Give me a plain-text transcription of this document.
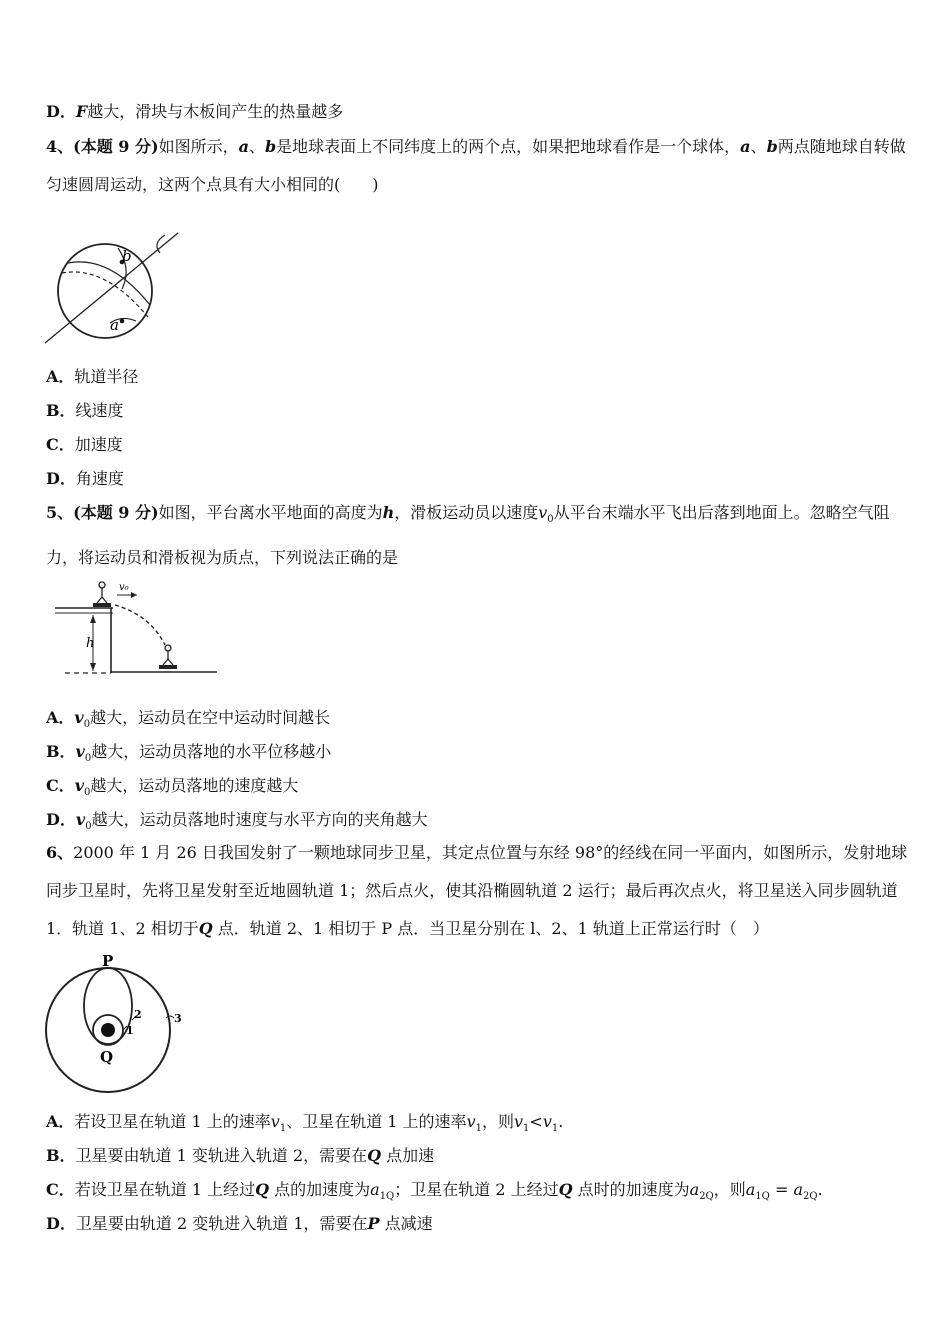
D．F越大，滑块与木板间产生的热量越多
4、(本题 9 分)如图所示，a、b是地球表面上不同纬度上的两个点，如果把地球看作是一个球体，a、b两点随地球自转做匀速圆周运动，这两个点具有大小相同的(　　)
b
a
A．轨道半径
B．线速度
C．加速度
D．角速度
5、(本题 9 分)如图，平台离水平地面的高度为h，滑板运动员以速度$v_0$从平台末端水平飞出后落到地面上。忽略空气阻力，将运动员和滑板视为质点，下列说法正确的是
h
v₀
A．$v_0$越大，运动员在空中运动时间越长
B．$v_0$越大，运动员落地的水平位移越小
C．$v_0$越大，运动员落地的速度越大
D．$v_0$越大，运动员落地时速度与水平方向的夹角越大
6、2000 年 1 月 26 日我国发射了一颗地球同步卫星，其定点位置与东经 98°的经线在同一平面内，如图所示，发射地球同步卫星时，先将卫星发射至近地圆轨道 1；然后点火，使其沿椭圆轨道 2 运行；最后再次点火，将卫星送入同步圆轨道 1．轨道 1、2 相切于Q 点．轨道 2、1 相切于 P 点．当卫星分别在 l、2、1 轨道上正常运行时（　）
P
Q
1
2	3
A．若设卫星在轨道 1 上的速率$v_1$、卫星在轨道 1 上的速率$v_1$，则$v_1<v_1$.
B．卫星要由轨道 1 变轨进入轨道 2，需要在Q 点加速
C．若设卫星在轨道 1 上经过Q 点的加速度为$a_{1Q}$；卫星在轨道 2 上经过Q 点时的加速度为$a_{2Q}$，则$a_{1Q} = a_{2Q}$.
D．卫星要由轨道 2 变轨进入轨道 1，需要在P 点减速
